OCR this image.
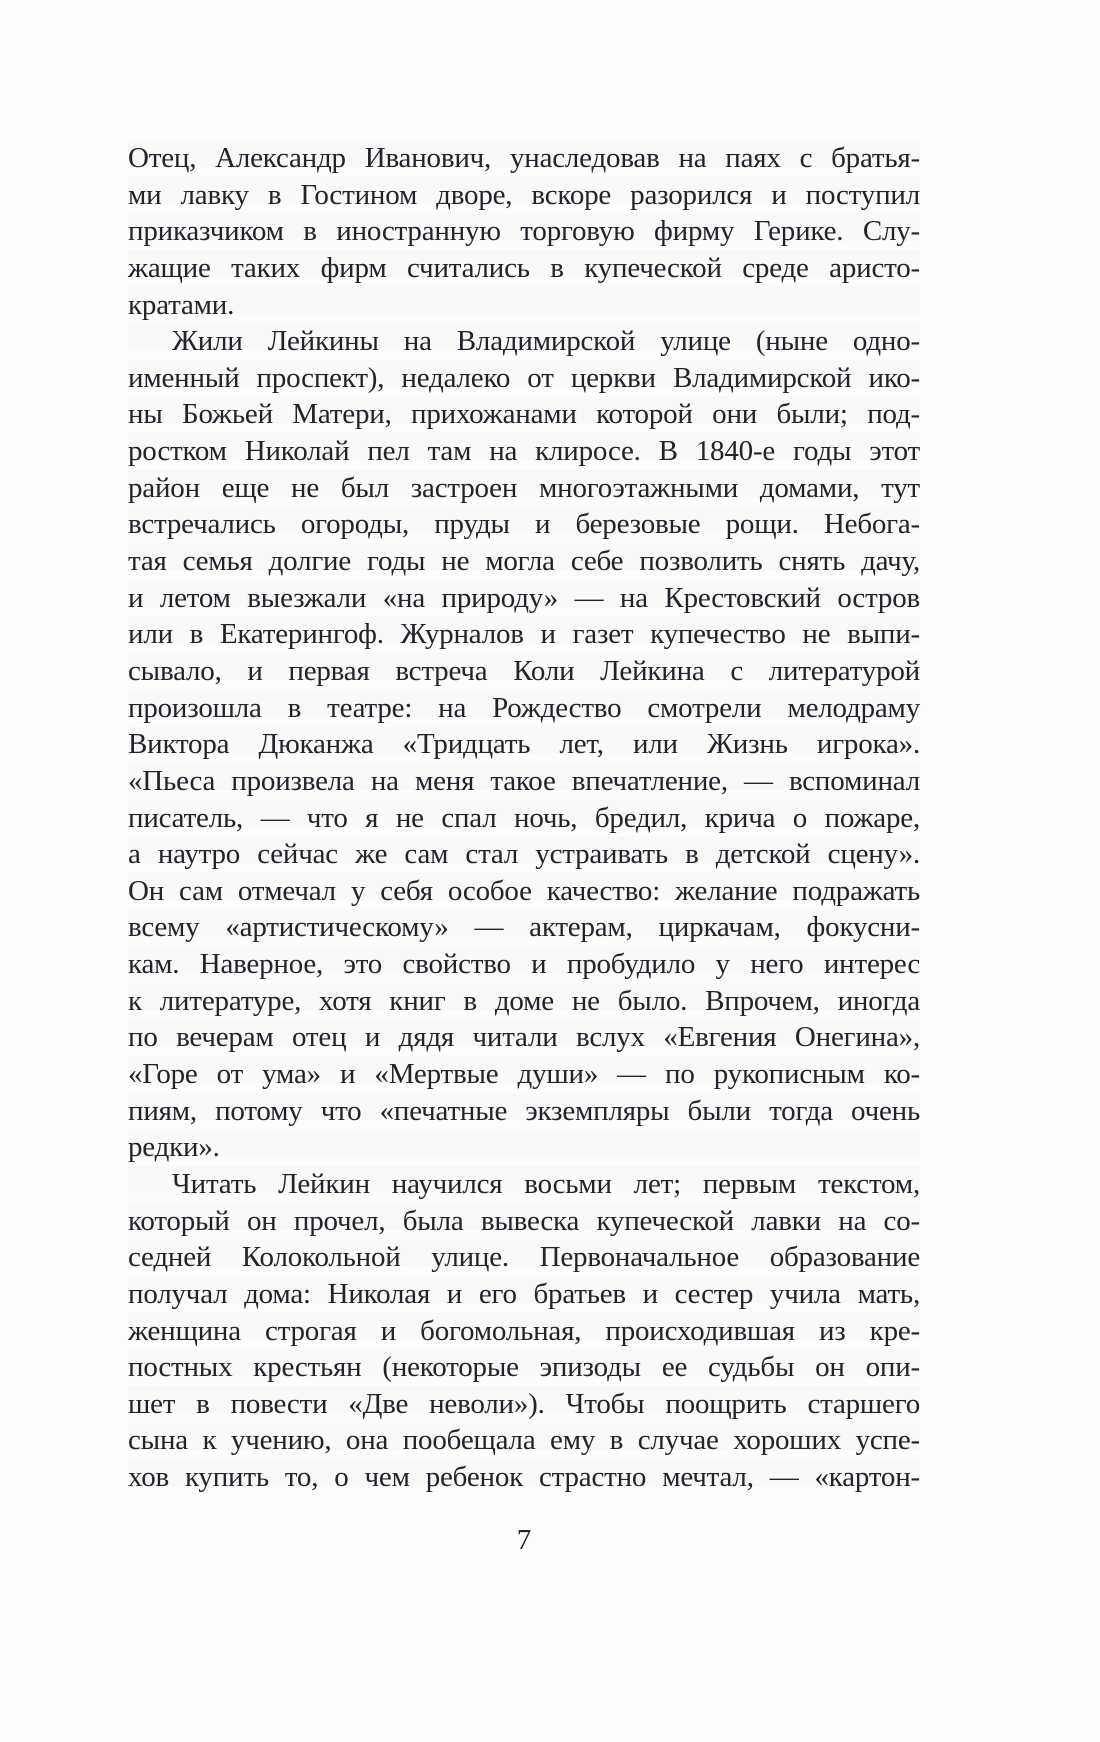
Отец, Александр Иванович, унаследовав на паях с братья-
ми лавку в Гостином дворе, вскоре разорился и поступил
приказчиком в иностранную торговую фирму Герике. Слу-
жащие таких фирм считались в купеческой среде аристо-
кратами.
Жили Лейкины на Владимирской улице (ныне одно-
именный проспект), недалеко от церкви Владимирской ико-
ны Божьей Матери, прихожанами которой они были; под-
ростком Николай пел там на клиросе. В 1840-е годы этот
район еще не был застроен многоэтажными домами, тут
встречались огороды, пруды и березовые рощи. Небога-
тая семья долгие годы не могла себе позволить снять дачу,
и летом выезжали «на природу» — на Крестовский остров
или в Екатерингоф. Журналов и газет купечество не выпи-
сывало, и первая встреча Коли Лейкина с литературой
произошла в театре: на Рождество смотрели мелодраму
Виктора Дюканжа «Тридцать лет, или Жизнь игрока».
«Пьеса произвела на меня такое впечатление, — вспоминал
писатель, — что я не спал ночь, бредил, крича о пожаре,
а наутро сейчас же сам стал устраивать в детской сцену».
Он сам отмечал у себя особое качество: желание подражать
всему «артистическому» — актерам, циркачам, фокусни-
кам. Наверное, это свойство и пробудило у него интерес
к литературе, хотя книг в доме не было. Впрочем, иногда
по вечерам отец и дядя читали вслух «Евгения Онегина»,
«Горе от ума» и «Мертвые души» — по рукописным ко-
пиям, потому что «печатные экземпляры были тогда очень
редки».
Читать Лейкин научился восьми лет; первым текстом,
который он прочел, была вывеска купеческой лавки на со-
седней Колокольной улице. Первоначальное образование
получал дома: Николая и его братьев и сестер учила мать,
женщина строгая и богомольная, происходившая из кре-
постных крестьян (некоторые эпизоды ее судьбы он опи-
шет в повести «Две неволи»). Чтобы поощрить старшего
сына к учению, она пообещала ему в случае хороших успе-
хов купить то, о чем ребенок страстно мечтал, — «картон-
7
